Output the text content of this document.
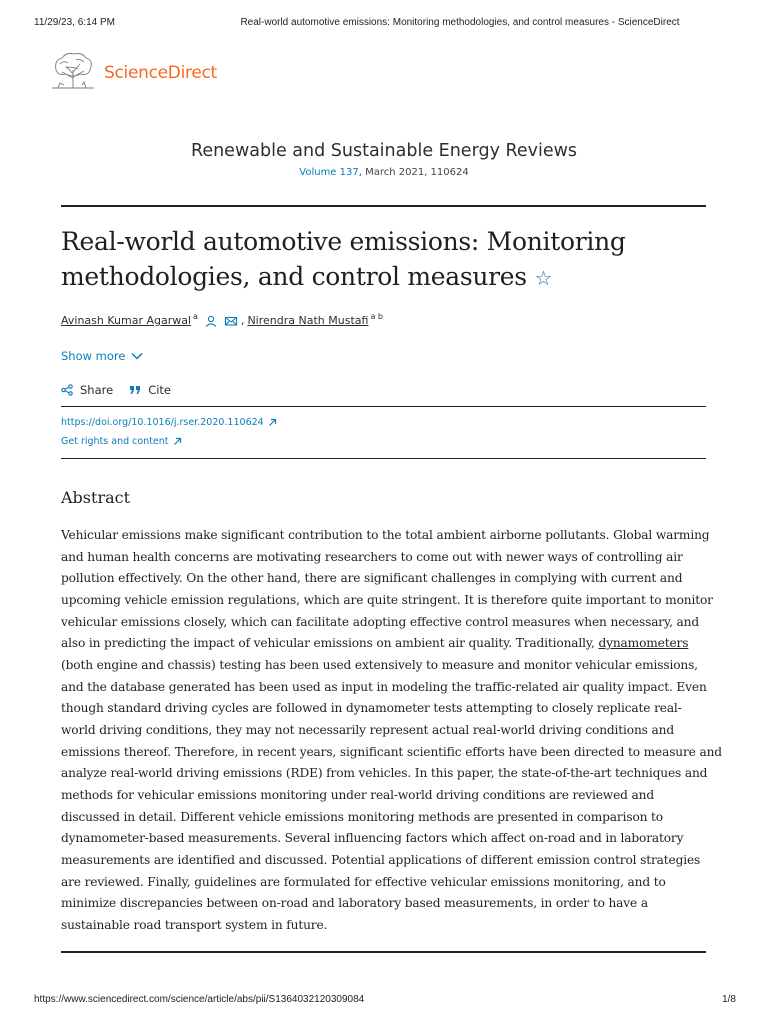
11/29/23, 6:14 PM	Real-world automotive emissions: Monitoring methodologies, and control measures - ScienceDirect
ScienceDirect
Renewable and Sustainable Energy Reviews
Volume 137, March 2021, 110624
Real-world automotive emissions: Monitoring
methodologies, and control measures ☆
Avinash Kumar Agarwal $^a$	, Nirendra Nath Mustafi $^{a b}$
Show more
Share	Cite
https://doi.org/10.1016/j.rser.2020.110624
Get rights and content
Abstract
Vehicular emissions make significant contribution to the total ambient airborne pollutants. Global warming
and human health concerns are motivating researchers to come out with newer ways of controlling air
pollution effectively. On the other hand, there are significant challenges in complying with current and
upcoming vehicle emission regulations, which are quite stringent. It is therefore quite important to monitor
vehicular emissions closely, which can facilitate adopting effective control measures when necessary, and
also in predicting the impact of vehicular emissions on ambient air quality. Traditionally, dynamometers
(both engine and chassis) testing has been used extensively to measure and monitor vehicular emissions,
and the database generated has been used as input in modeling the traffic-related air quality impact. Even
though standard driving cycles are followed in dynamometer tests attempting to closely replicate real-
world driving conditions, they may not necessarily represent actual real-world driving conditions and
emissions thereof. Therefore, in recent years, significant scientific efforts have been directed to measure and
analyze real-world driving emissions (RDE) from vehicles. In this paper, the state-of-the-art techniques and
methods for vehicular emissions monitoring under real-world driving conditions are reviewed and
discussed in detail. Different vehicle emissions monitoring methods are presented in comparison to
dynamometer-based measurements. Several influencing factors which affect on-road and in laboratory
measurements are identified and discussed. Potential applications of different emission control strategies
are reviewed. Finally, guidelines are formulated for effective vehicular emissions monitoring, and to
minimize discrepancies between on-road and laboratory based measurements, in order to have a
sustainable road transport system in future.
https://www.sciencedirect.com/science/article/abs/pii/S1364032120309084	1/8
